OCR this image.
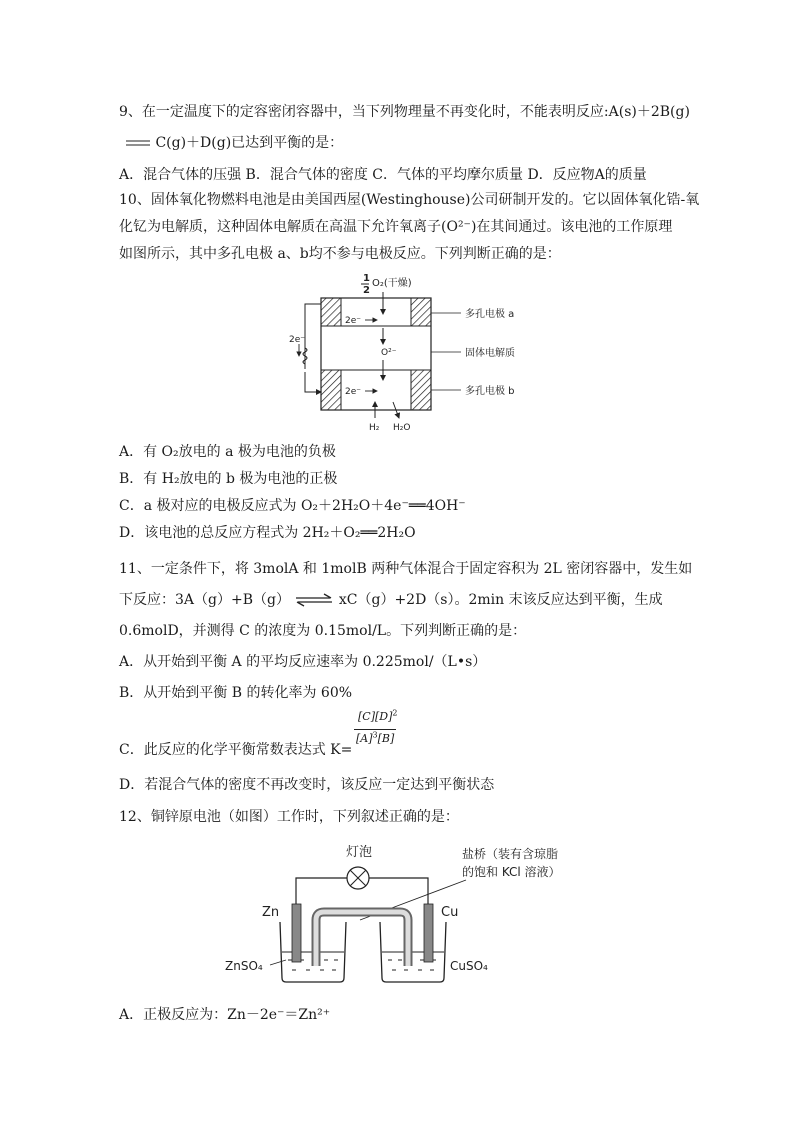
9、在一定温度下的定容密闭容器中，当下列物理量不再变化时，不能表明反应:A(s)＋2B(g)
C(g)＋D(g)已达到平衡的是：
A．混合气体的压强 B．混合气体的密度 C．气体的平均摩尔质量 D．反应物A的质量
10、固体氧化物燃料电池是由美国西屋(Westinghouse)公司研制开发的。它以固体氧化锆-氧
化钇为电解质，这种固体电解质在高温下允许氧离子(O²⁻)在其间通过。该电池的工作原理
如图所示，其中多孔电极 a、b均不参与电极反应。下列判断正确的是：
1
2
O₂(干燥)
2e⁻
2e⁻
O²⁻
2e⁻
H₂ H₂O
多孔电极 a
固体电解质
多孔电极 b
A．有 O₂放电的 a 极为电池的负极
B．有 H₂放电的 b 极为电池的正极
C．a 极对应的电极反应式为 O₂＋2H₂O＋4e⁻══4OH⁻
D．该电池的总反应方程式为 2H₂＋O₂══2H₂O
11、一定条件下，将 3molA 和 1molB 两种气体混合于固定容积为 2L 密闭容器中，发生如
下反应：3A（g）+B（g） ⇌ xC（g）+2D（s）。2min 末该反应达到平衡，生成
0.6molD，并测得 C 的浓度为 0.15mol/L。下列判断正确的是：
A．从开始到平衡 A 的平均反应速率为 0.225mol/（L•s）
B．从开始到平衡 B 的转化率为 60%
$[C][D]^2$
$[A]^3[B]$
C．此反应的化学平衡常数表达式 K=
D．若混合气体的密度不再改变时，该反应一定达到平衡状态
12、铜锌原电池（如图）工作时，下列叙述正确的是：
灯泡	盐桥（装有含琼脂
的饱和 KCl 溶液）
Zn	Cu
ZnSO₄	CuSO₄
A．正极反应为：Zn－2e⁻＝Zn²⁺
